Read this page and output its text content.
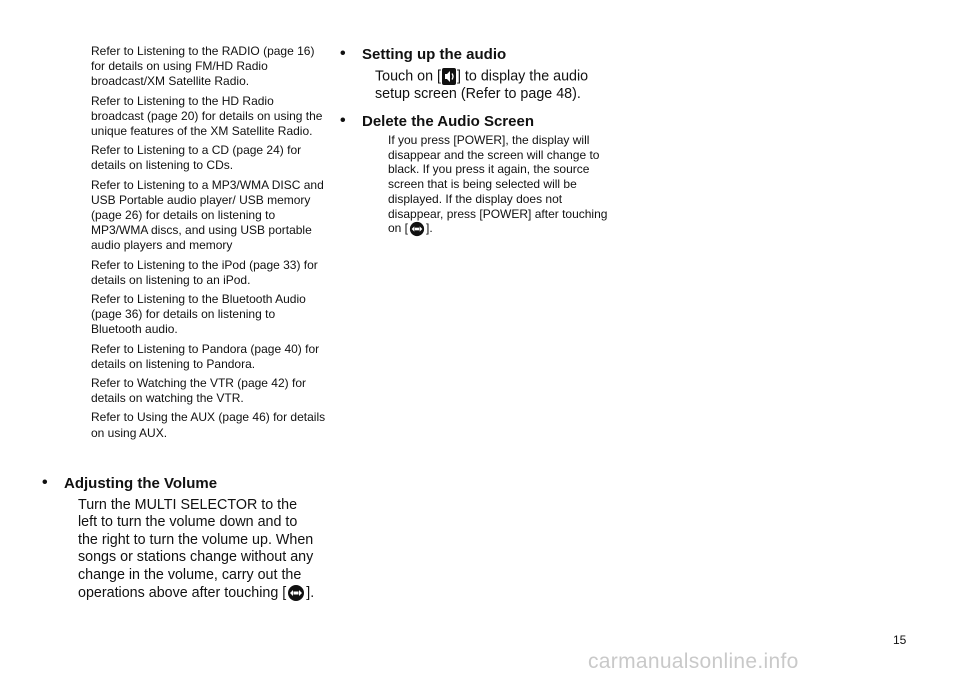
Refer to Listening to the RADIO (page 16) for details on using FM/HD Radio broadcast/XM Satellite Radio.

Refer to Listening to the HD Radio broadcast (page 20) for details on using the unique features of the XM Satellite Radio.

Refer to Listening to a CD (page 24) for details on listening to CDs.

Refer to Listening to a MP3/WMA DISC and USB Portable audio player/ USB memory (page 26) for details on listening to MP3/WMA discs, and using USB portable audio players and memory

Refer to Listening to the iPod (page 33) for details on listening to an iPod.

Refer to Listening to the Bluetooth Audio (page 36) for details on listening to Bluetooth audio.

Refer to Listening to Pandora (page 40) for details on listening to Pandora.

Refer to Watching the VTR (page 42) for details on watching the VTR.

Refer to Using the AUX (page 46) for details on using AUX.

•	Adjusting the Volume
Turn the MULTI SELECTOR to the left to turn the volume down and to the right to turn the volume up. When songs or stations change without any change in the volume, carry out the operations above after touching [ ].
•	Setting up the audio
Touch on [ ] to display the audio setup screen (Refer to page 48).
•	Delete the Audio Screen
If you press [POWER], the display will disappear and the screen will change to black. If you press it again, the source screen that is being selected will be displayed. If the display does not disappear, press [POWER] after touching on [ ].
15
carmanualsonline.info
